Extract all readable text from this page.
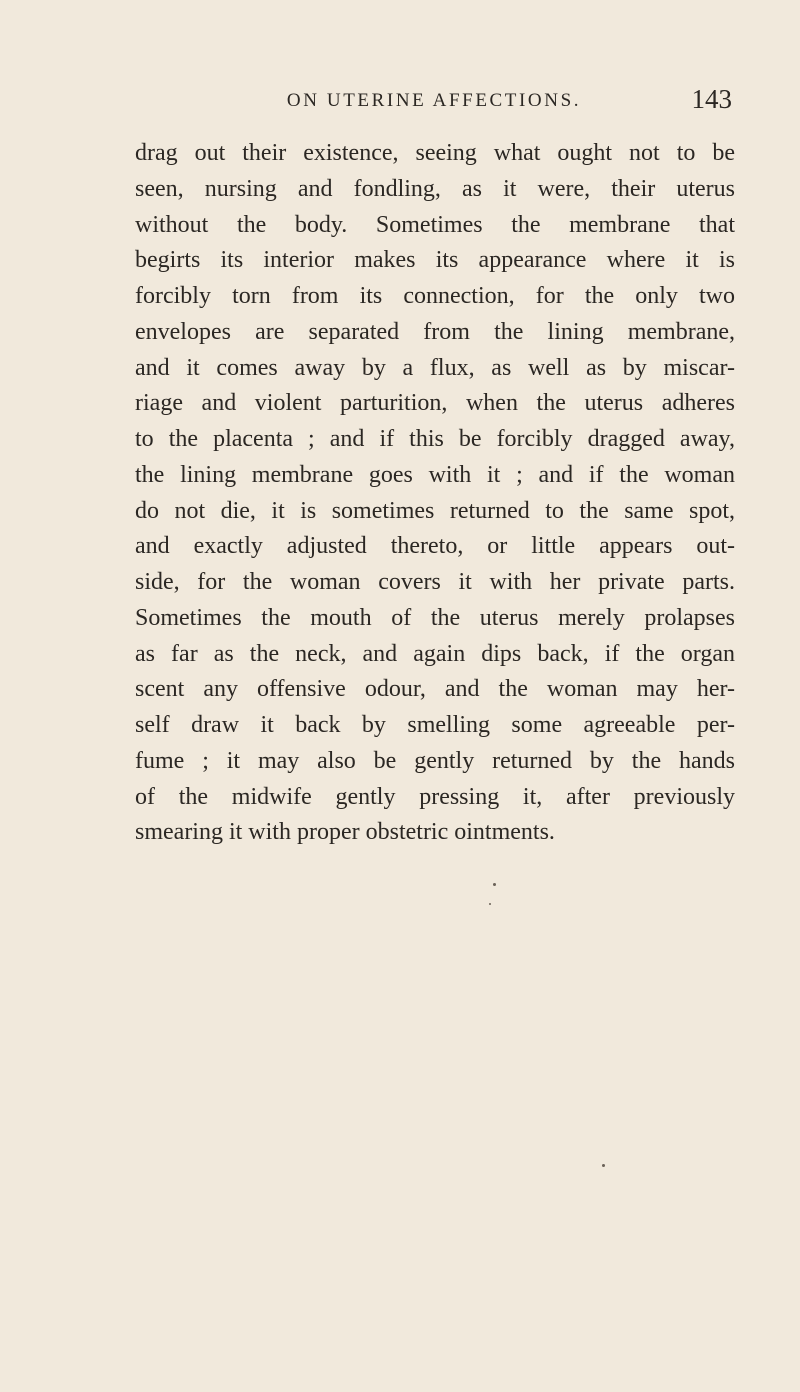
ON UTERINE AFFECTIONS.	143
drag out their existence, seeing what ought not to be
seen, nursing and fondling, as it were, their uterus
without the body. Sometimes the membrane that
begirts its interior makes its appearance where it is
forcibly torn from its connection, for the only two
envelopes are separated from the lining membrane,
and it comes away by a flux, as well as by miscar-
riage and violent parturition, when the uterus adheres
to the placenta ; and if this be forcibly dragged away,
the lining membrane goes with it ; and if the woman
do not die, it is sometimes returned to the same spot,
and exactly adjusted thereto, or little appears out-
side, for the woman covers it with her private parts.
Sometimes the mouth of the uterus merely prolapses
as far as the neck, and again dips back, if the organ
scent any offensive odour, and the woman may her-
self draw it back by smelling some agreeable per-
fume ; it may also be gently returned by the hands
of the midwife gently pressing it, after previously
smearing it with proper obstetric ointments.
